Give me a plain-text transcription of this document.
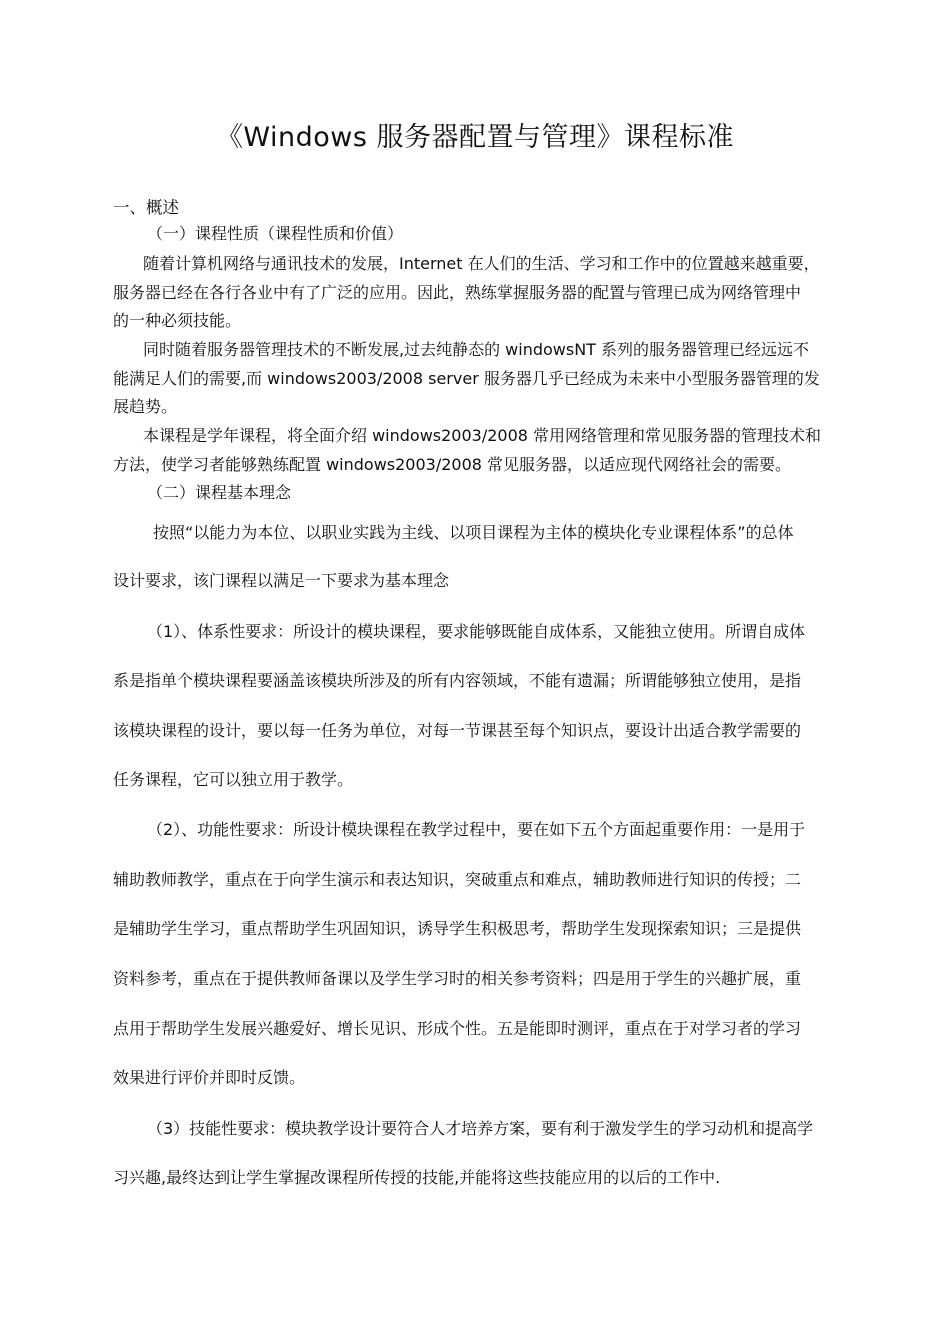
《Windows 服务器配置与管理》课程标准
一、概述
（一）课程性质（课程性质和价值）
随着计算机网络与通讯技术的发展，Internet 在人们的生活、学习和工作中的位置越来越重要，
服务器已经在各行各业中有了广泛的应用。因此，熟练掌握服务器的配置与管理已成为网络管理中
的一种必须技能。
同时随着服务器管理技术的不断发展,过去纯静态的 windowsNT 系列的服务器管理已经远远不
能满足人们的需要,而 windows2003/2008 server 服务器几乎已经成为未来中小型服务器管理的发
展趋势。
本课程是学年课程，将全面介绍 windows2003/2008 常用网络管理和常见服务器的管理技术和
方法，使学习者能够熟练配置 windows2003/2008 常见服务器，以适应现代网络社会的需要。
（二）课程基本理念
按照“以能力为本位、以职业实践为主线、以项目课程为主体的模块化专业课程体系”的总体
设计要求，该门课程以满足一下要求为基本理念
（1）、体系性要求：所设计的模块课程，要求能够既能自成体系，又能独立使用。所谓自成体
系是指单个模块课程要涵盖该模块所涉及的所有内容领域，不能有遗漏；所谓能够独立使用，是指
该模块课程的设计，要以每一任务为单位，对每一节课甚至每个知识点，要设计出适合教学需要的
任务课程，它可以独立用于教学。
（2）、功能性要求：所设计模块课程在教学过程中，要在如下五个方面起重要作用：一是用于
辅助教师教学，重点在于向学生演示和表达知识，突破重点和难点，辅助教师进行知识的传授；二
是辅助学生学习，重点帮助学生巩固知识，诱导学生积极思考，帮助学生发现探索知识；三是提供
资料参考，重点在于提供教师备课以及学生学习时的相关参考资料；四是用于学生的兴趣扩展，重
点用于帮助学生发展兴趣爱好、增长见识、形成个性。五是能即时测评，重点在于对学习者的学习
效果进行评价并即时反馈。
（3）技能性要求：模块教学设计要符合人才培养方案，要有利于激发学生的学习动机和提高学
习兴趣,最终达到让学生掌握改课程所传授的技能,并能将这些技能应用的以后的工作中.
